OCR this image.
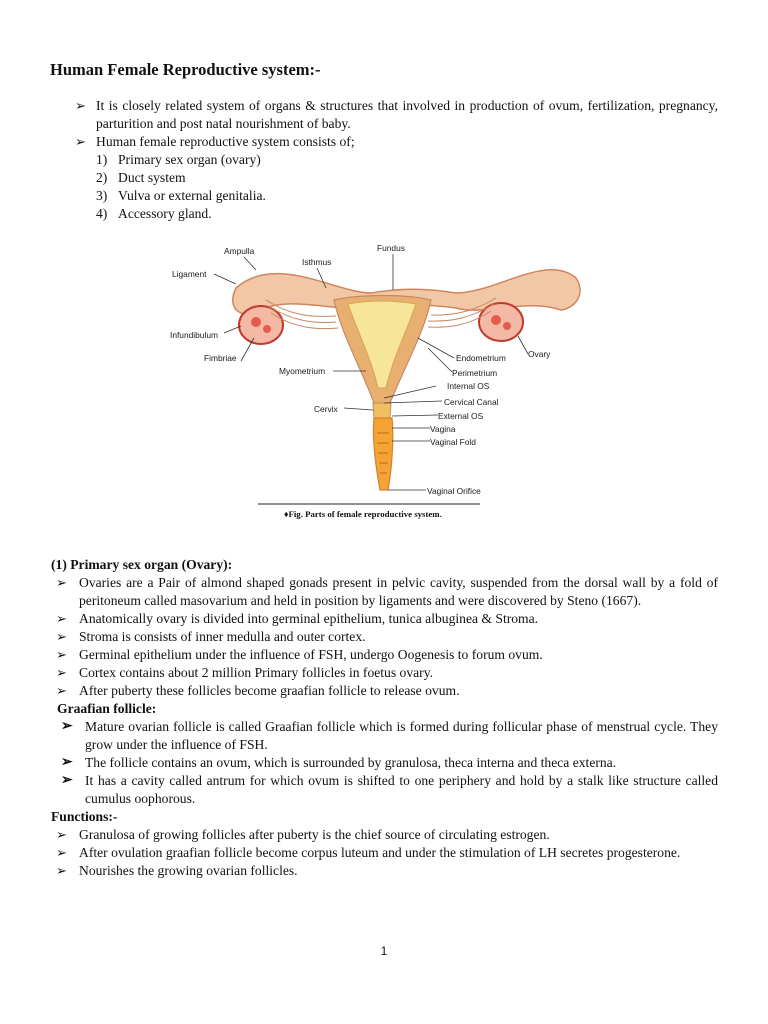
Human Female Reproductive system:-
➢ It is closely related system of organs & structures that involved in production of ovum, fertilization, pregnancy, parturition and post natal nourishment of baby.
➢ Human female reproductive system consists of;
1) Primary sex organ (ovary)
2) Duct system
3) Vulva or external genitalia.
4) Accessory gland.
Ampulla	Fundus
Isthmus
Ligament
Infundibulum
Fimbriae
Myometrium
Cervix
Endometrium	Ovary
Perimetrium
Internal OS
Cervical Canal
External OS
Vagina
Vaginal Fold
Vaginal Orifice
♦Fig. Parts of female reproductive system.
(1) Primary sex organ (Ovary):
➢ Ovaries are a Pair of almond shaped gonads present in pelvic cavity, suspended from the dorsal wall by a fold of peritoneum called masovarium and held in position by ligaments and were discovered by Steno (1667).
➢ Anatomically ovary is divided into germinal epithelium, tunica albuginea & Stroma.
➢ Stroma is consists of inner medulla and outer cortex.
➢ Germinal epithelium under the influence of FSH, undergo Oogenesis to forum ovum.
➢ Cortex contains about 2 million Primary follicles in foetus ovary.
➢ After puberty these follicles become graafian follicle to release ovum.
Graafian follicle:
➢ Mature ovarian follicle is called Graafian follicle which is formed during follicular phase of menstrual cycle. They grow under the influence of FSH.
➢ The follicle contains an ovum, which is surrounded by granulosa, theca interna and theca externa.
➢ It has a cavity called antrum for which ovum is shifted to one periphery and hold by a stalk like structure called cumulus oophorous.
Functions:-
➢ Granulosa of growing follicles after puberty is the chief source of circulating estrogen.
➢ After ovulation graafian follicle become corpus luteum and under the stimulation of LH secretes progesterone.
➢ Nourishes the growing ovarian follicles.
1
